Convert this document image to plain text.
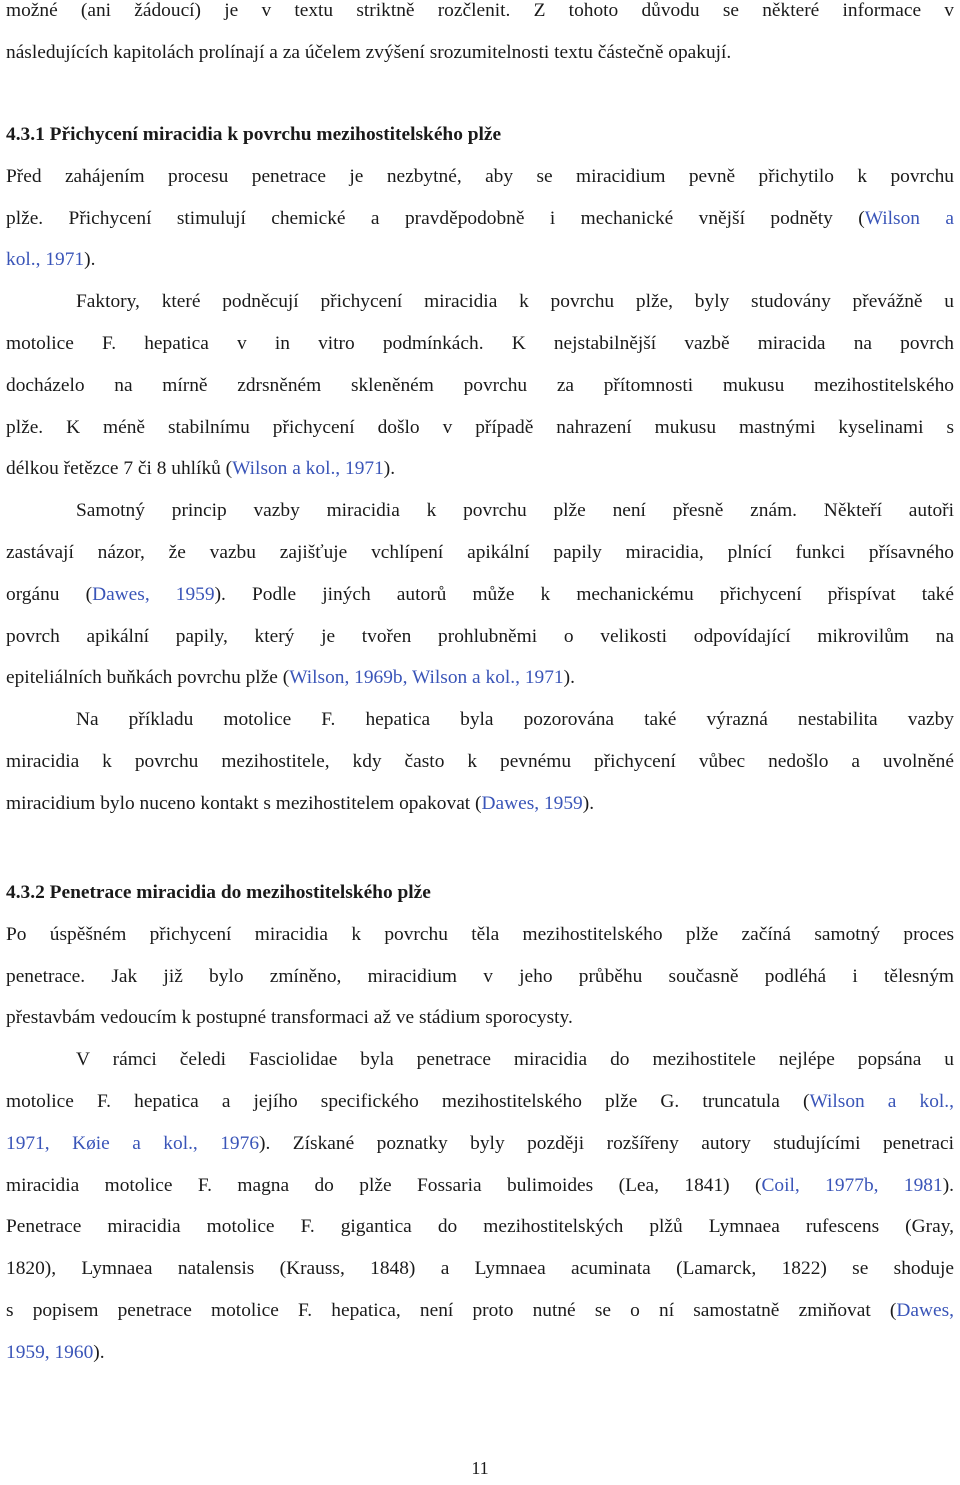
možné (ani žádoucí) je v textu striktně rozčlenit. Z tohoto důvodu se některé informace v
následujících kapitolách prolínají a za účelem zvýšení srozumitelnosti textu částečně opakují.
4.3.1 Přichycení miracidia k povrchu mezihostitelského plže
Před zahájením procesu penetrace je nezbytné, aby se miracidium pevně přichytilo k povrchu
plže. Přichycení stimulují chemické a pravděpodobně i mechanické vnější podněty (Wilson a
kol., 1971).
Faktory, které podněcují přichycení miracidia k povrchu plže, byly studovány převážně u
motolice F. hepatica v in vitro podmínkách. K nejstabilnější vazbě miracida na povrch
docházelo na mírně zdrsněném skleněném povrchu za přítomnosti mukusu mezihostitelského
plže. K méně stabilnímu přichycení došlo v případě nahrazení mukusu mastnými kyselinami s
délkou řetězce 7 či 8 uhlíků (Wilson a kol., 1971).
Samotný princip vazby miracidia k povrchu plže není přesně znám. Někteří autoři
zastávají názor, že vazbu zajišťuje vchlípení apikální papily miracidia, plnící funkci přísavného
orgánu (Dawes, 1959). Podle jiných autorů může k mechanickému přichycení přispívat také
povrch apikální papily, který je tvořen prohlubněmi o velikosti odpovídající mikrovilům na
epiteliálních buňkách povrchu plže (Wilson, 1969b, Wilson a kol., 1971).
Na příkladu motolice F. hepatica byla pozorována také výrazná nestabilita vazby
miracidia k povrchu mezihostitele, kdy často k pevnému přichycení vůbec nedošlo a uvolněné
miracidium bylo nuceno kontakt s mezihostitelem opakovat (Dawes, 1959).
4.3.2 Penetrace miracidia do mezihostitelského plže
Po úspěšném přichycení miracidia k povrchu těla mezihostitelského plže začíná samotný proces
penetrace. Jak již bylo zmíněno, miracidium v jeho průběhu současně podléhá i tělesným
přestavbám vedoucím k postupné transformaci až ve stádium sporocysty.
V rámci čeledi Fasciolidae byla penetrace miracidia do mezihostitele nejlépe popsána u
motolice F. hepatica a jejího specifického mezihostitelského plže G. truncatula (Wilson a kol.,
1971, Køie a kol., 1976). Získané poznatky byly později rozšířeny autory studujícími penetraci
miracidia motolice F. magna do plže Fossaria bulimoides (Lea, 1841) (Coil, 1977b, 1981).
Penetrace miracidia motolice F. gigantica do mezihostitelských plžů Lymnaea rufescens (Gray,
1820), Lymnaea natalensis (Krauss, 1848) a Lymnaea acuminata (Lamarck, 1822) se shoduje
s popisem penetrace motolice F. hepatica, není proto nutné se o ní samostatně zmiňovat (Dawes,
1959, 1960).
11
